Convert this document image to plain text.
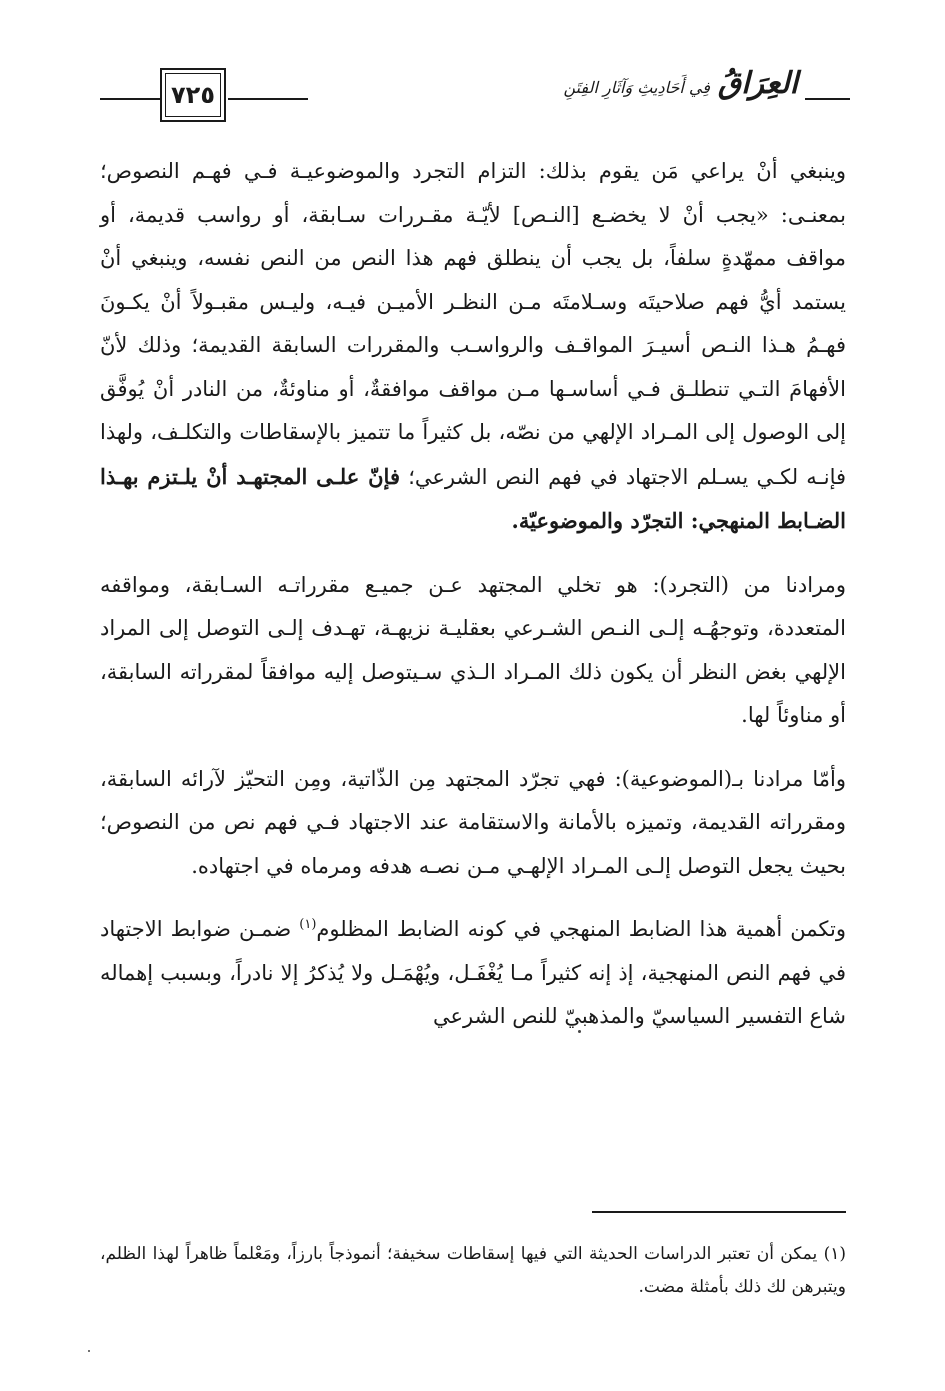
٧٢٥	العِرَاقُ
فِي أَحَادِيثِ وَآثَارِ الفِتَنِ

وينبغي أنْ يراعي مَن يقوم بذلك: التزام التجرد والموضوعيـة فـي فهـم النصوص؛ بمعنـى: «يجب أنْ لا يخضـع [النـص] لأيّـة مقـررات سـابقة، أو رواسب قديمة، أو مواقف ممهّدةٍ سلفاً، بل يجب أن ينطلق فهم هذا النص من النص نفسه، وينبغي أنْ يستمد أيُّ فهم صلاحيتَه وسـلامتَه مـن النظـر الأميـن فيـه، وليـس مقبـولاً أنْ يكـونَ فهـمُ هـذا النـص أسيـرَ المواقـف والرواسـب والمقررات السابقة القديمة؛ وذلك لأنّ الأفهامَ التـي تنطلـق فـي أساسـها مـن مواقف موافقةٌ، أو مناوئةٌ، من النادر أنْ يُوفَّق إلى الوصول إلى المـراد الإلهي من نصّه، بل كثيراً ما تتميز بالإسقاطات والتكلـف، ولهذا فإنـه لكـي يسـلم الاجتهاد في فهم النص الشرعي؛ فإنّ علـى المجتهـد أنْ يلـتزم بهـذا الضـابط المنهجي: التجرّد والموضوعيّة.

ومرادنا من (التجرد): هو تخلي المجتهد عـن جميـع مقرراتـه السـابقة، ومواقفه المتعددة، وتوجهُـه إلـى النـص الشـرعي بعقليـة نزيهـة، تهـدف إلـى التوصل إلى المراد الإلهي بغض النظر أن يكون ذلك المـراد الـذي سـيتوصل إليه موافقاً لمقرراته السابقة، أو مناوئاً لها.

وأمّا مرادنا بـ(الموضوعية): فهي تجرّد المجتهد مِن الذّاتية، ومِن التحيّز لآرائه السابقة، ومقرراته القديمة، وتميزه بالأمانة والاستقامة عند الاجتهاد فـي فهم نص من النصوص؛ بحيث يجعل التوصل إلـى المـراد الإلهـي مـن نصـه هدفه ومرماه في اجتهاده.

وتكمن أهمية هذا الضابط المنهجي في كونه الضابط المظلوم$^{(١)}$ ضمـن ضوابط الاجتهاد في فهم النص المنهجية، إذ إنه كثيراً مـا يُغْفَـل، ويُهْمَـل ولا يُذكرُ إلا نادراً، وبسبب إهماله شاع التفسير السياسيّ والمذهبيّ للنص الشرعي

(١) يمكن أن تعتبر الدراسات الحديثة التي فيها إسقاطات سخيفة؛ أنموذجاً بارزاً، ومَعْلماً ظاهراً لهذا الظلم، ويتبرهن لك ذلك بأمثلة مضت.
